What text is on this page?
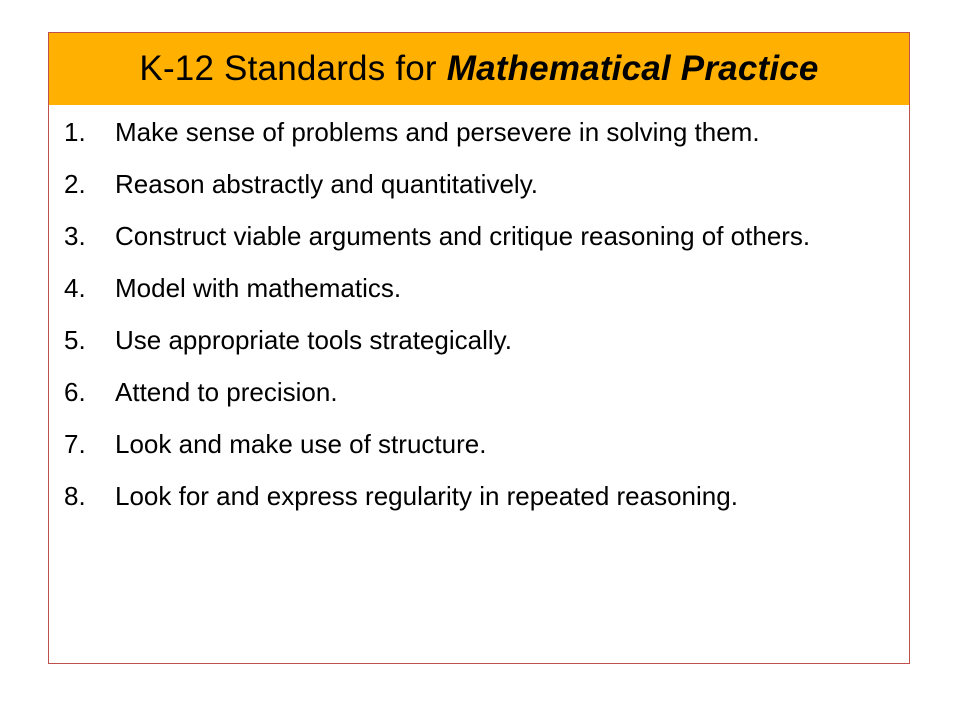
K-12 Standards for Mathematical Practice
1.	Make sense of problems and persevere in solving them.
2.	Reason abstractly and quantitatively.
3.	Construct viable arguments and critique reasoning of others.
4.	Model with mathematics.
5.	Use appropriate tools strategically.
6.	Attend to precision.
7.	Look and make use of structure.
8.	Look for and express regularity in repeated reasoning.
